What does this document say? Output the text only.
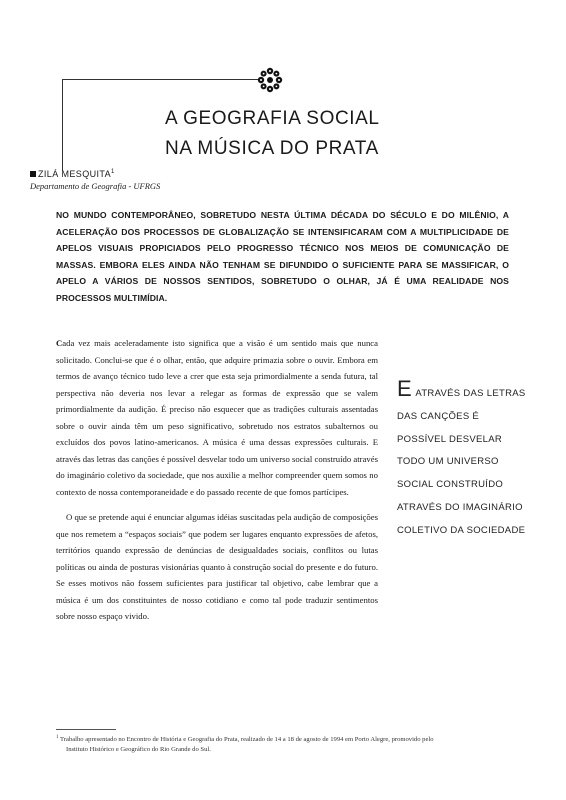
A GEOGRAFIA SOCIAL
NA MÚSICA DO PRATA
ZILÁ MESQUITA$^1$
Departamento de Geografia - UFRGS
NO MUNDO CONTEMPORÂNEO, SOBRETUDO NESTA ÚLTIMA DÉCADA DO SÉCULO E DO MILÊNIO, A ACELERAÇÃO DOS PROCESSOS DE GLOBALIZAÇÃO SE INTENSIFICARAM COM A MULTIPLICIDADE DE APELOS VISUAIS PROPICIADOS PELO PROGRESSO TÉCNICO NOS MEIOS DE COMUNICAÇÃO DE MASSAS. EMBORA ELES AINDA NÃO TENHAM SE DIFUNDIDO O SUFICIENTE PARA SE MASSIFICAR, O APELO A VÁRIOS DE NOSSOS SENTIDOS, SOBRETUDO O OLHAR, JÁ É UMA REALIDADE NOS PROCESSOS MULTIMÍDIA.

Cada vez mais aceleradamente isto significa que a visão é um sentido mais que nunca solicitado. Conclui-se que é o olhar, então, que adquire primazia sobre o ouvir. Embora em termos de avanço técnico tudo leve a crer que esta seja primordialmente a senda futura, tal perspectiva não deveria nos levar a relegar as formas de expressão que se valem primordialmente da audição. É preciso não esquecer que as tradições culturais assentadas sobre o ouvir ainda têm um peso significativo, sobretudo nos estratos subalternos ou excluídos dos povos latino-americanos. A música é uma dessas expressões culturais. E através das letras das canções é possível desvelar todo um universo social construído através do imaginário coletivo da sociedade, que nos auxilie a melhor compreender quem somos no contexto de nossa contemporaneidade e do passado recente de que fomos partícipes.

O que se pretende aqui é enunciar algumas idéias suscitadas pela audição de composições que nos remetem a “espaços sociais” que podem ser lugares enquanto expressões de afetos, territórios quando expressão de denúncias de desigualdades sociais, conflitos ou lutas políticas ou ainda de posturas visionárias quanto à construção social do presente e do futuro. Se esses motivos não fossem suficientes para justificar tal objetivo, cabe lembrar que a música é um dos constituintes de nosso cotidiano e como tal pode traduzir sentimentos sobre nosso espaço vivido.

E ATRAVÉS DAS LETRAS DAS CANÇÕES É POSSÍVEL DESVELAR TODO UM UNIVERSO SOCIAL CONSTRUÍDO ATRAVÉS DO IMAGINÁRIO COLETIVO DA SOCIEDADE
$^1$ Trabalho apresentado no Encontro de História e Geografia do Prata, realizado de 14 a 18 de agosto de 1994 em Porto Alegre, promovido pelo
Instituto Histórico e Geográfico do Rio Grande do Sul.
